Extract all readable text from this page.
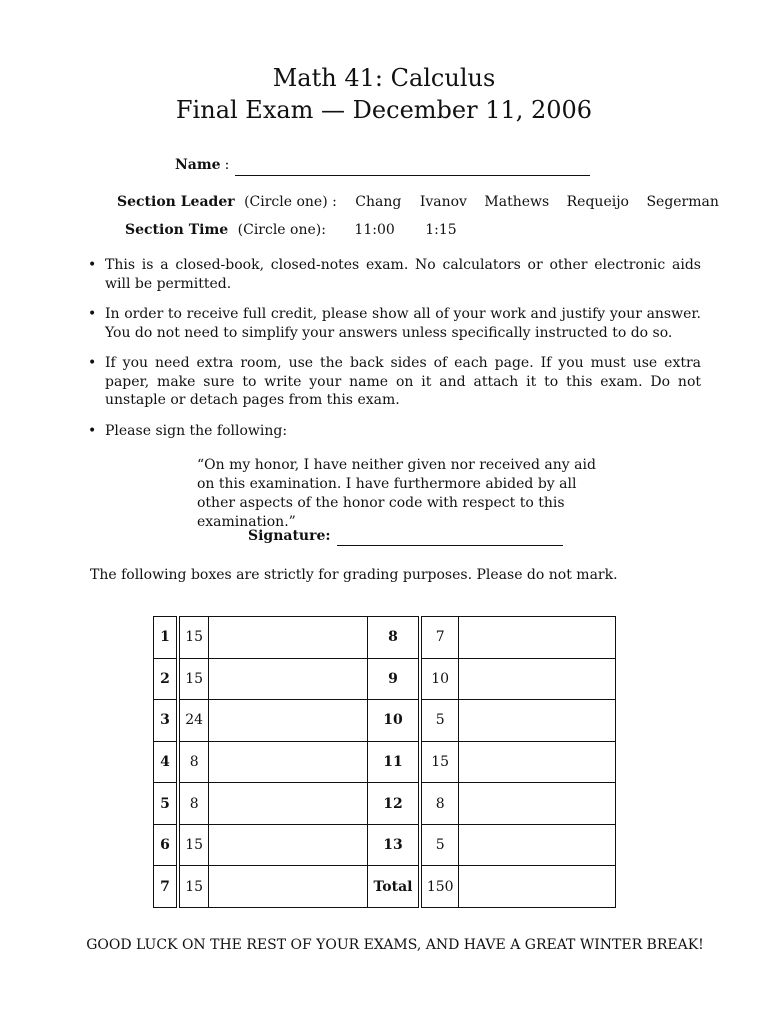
Math 41: Calculus
Final Exam — December 11, 2006
Name :
Section Leader (Circle one) : Chang Ivanov Mathews Requeijo Segerman
Section Time (Circle one): 11:00 1:15
• This is a closed-book, closed-notes exam. No calculators or other electronic aids will be permitted.
• In order to receive full credit, please show all of your work and justify your answer. You do not need to simplify your answers unless specifically instructed to do so.
• If you need extra room, use the back sides of each page. If you must use extra paper, make sure to write your name on it and attach it to this exam. Do not unstaple or detach pages from this exam.
• Please sign the following:

“On my honor, I have neither given nor received any aid on this examination. I have furthermore abided by all other aspects of the honor code with respect to this examination.”

Signature:

The following boxes are strictly for grading purposes. Please do not mark.

1	15		8	7	
2	15		9	10	
3	24		10	5	
4	8		11	15	
5	8		12	8	
6	15		13	5	
7	15		Total	150	

GOOD LUCK ON THE REST OF YOUR EXAMS, AND HAVE A GREAT WINTER BREAK!
